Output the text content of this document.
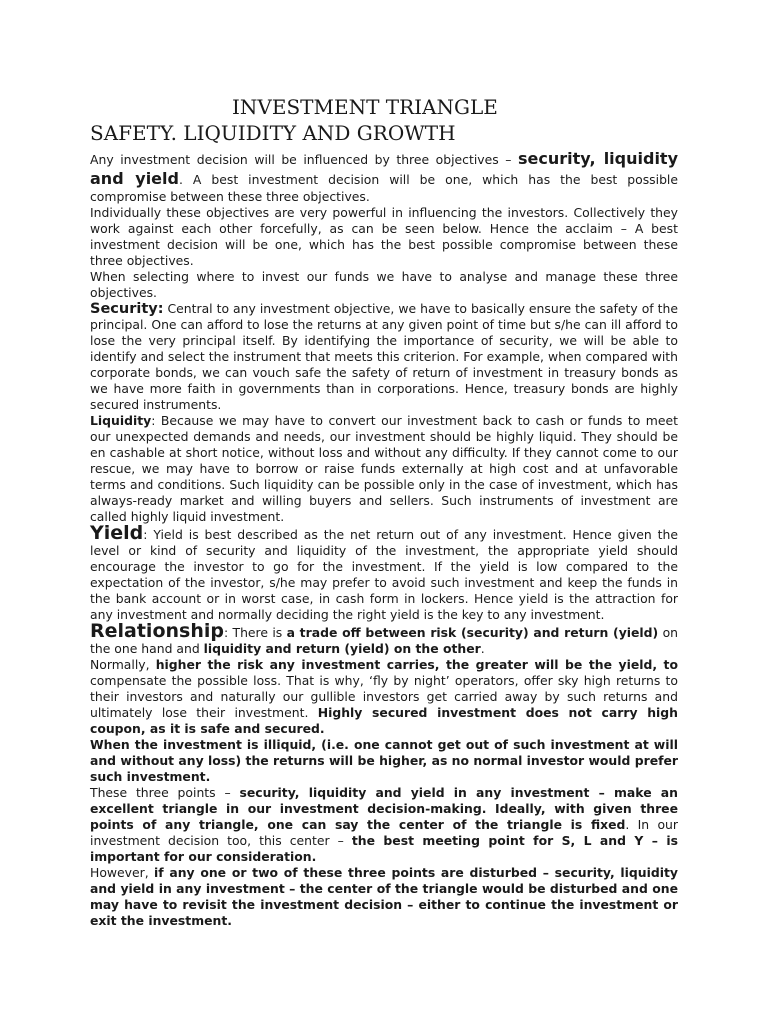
INVESTMENT TRIANGLE
SAFETY. LIQUIDITY AND GROWTH

Any investment decision will be influenced by three objectives – security, liquidity and yield. A best investment decision will be one, which has the best possible compromise between these three objectives.

Individually these objectives are very powerful in influencing the investors. Collectively they work against each other forcefully, as can be seen below. Hence the acclaim – A best investment decision will be one, which has the best possible compromise between these three objectives.

When selecting where to invest our funds we have to analyse and manage these three objectives.

Security: Central to any investment objective, we have to basically ensure the safety of the principal. One can afford to lose the returns at any given point of time but s/he can ill afford to lose the very principal itself. By identifying the importance of security, we will be able to identify and select the instrument that meets this criterion. For example, when compared with corporate bonds, we can vouch safe the safety of return of investment in treasury bonds as we have more faith in governments than in corporations. Hence, treasury bonds are highly secured instruments.

Liquidity: Because we may have to convert our investment back to cash or funds to meet our unexpected demands and needs, our investment should be highly liquid. They should be en cashable at short notice, without loss and without any difficulty. If they cannot come to our rescue, we may have to borrow or raise funds externally at high cost and at unfavorable terms and conditions. Such liquidity can be possible only in the case of investment, which has always-ready market and willing buyers and sellers. Such instruments of investment are called highly liquid investment.

Yield: Yield is best described as the net return out of any investment. Hence given the level or kind of security and liquidity of the investment, the appropriate yield should encourage the investor to go for the investment. If the yield is low compared to the expectation of the investor, s/he may prefer to avoid such investment and keep the funds in the bank account or in worst case, in cash form in lockers. Hence yield is the attraction for any investment and normally deciding the right yield is the key to any investment.

Relationship: There is a trade off between risk (security) and return (yield) on the one hand and liquidity and return (yield) on the other.

Normally, higher the risk any investment carries, the greater will be the yield, to compensate the possible loss. That is why, ‘fly by night’ operators, offer sky high returns to their investors and naturally our gullible investors get carried away by such returns and ultimately lose their investment. Highly secured investment does not carry high coupon, as it is safe and secured.

When the investment is illiquid, (i.e. one cannot get out of such investment at will and without any loss) the returns will be higher, as no normal investor would prefer such investment.

These three points – security, liquidity and yield in any investment – make an excellent triangle in our investment decision-making. Ideally, with given three points of any triangle, one can say the center of the triangle is fixed. In our investment decision too, this center – the best meeting point for S, L and Y – is important for our consideration.

However, if any one or two of these three points are disturbed – security, liquidity and yield in any investment – the center of the triangle would be disturbed and one may have to revisit the investment decision – either to continue the investment or exit the investment.
